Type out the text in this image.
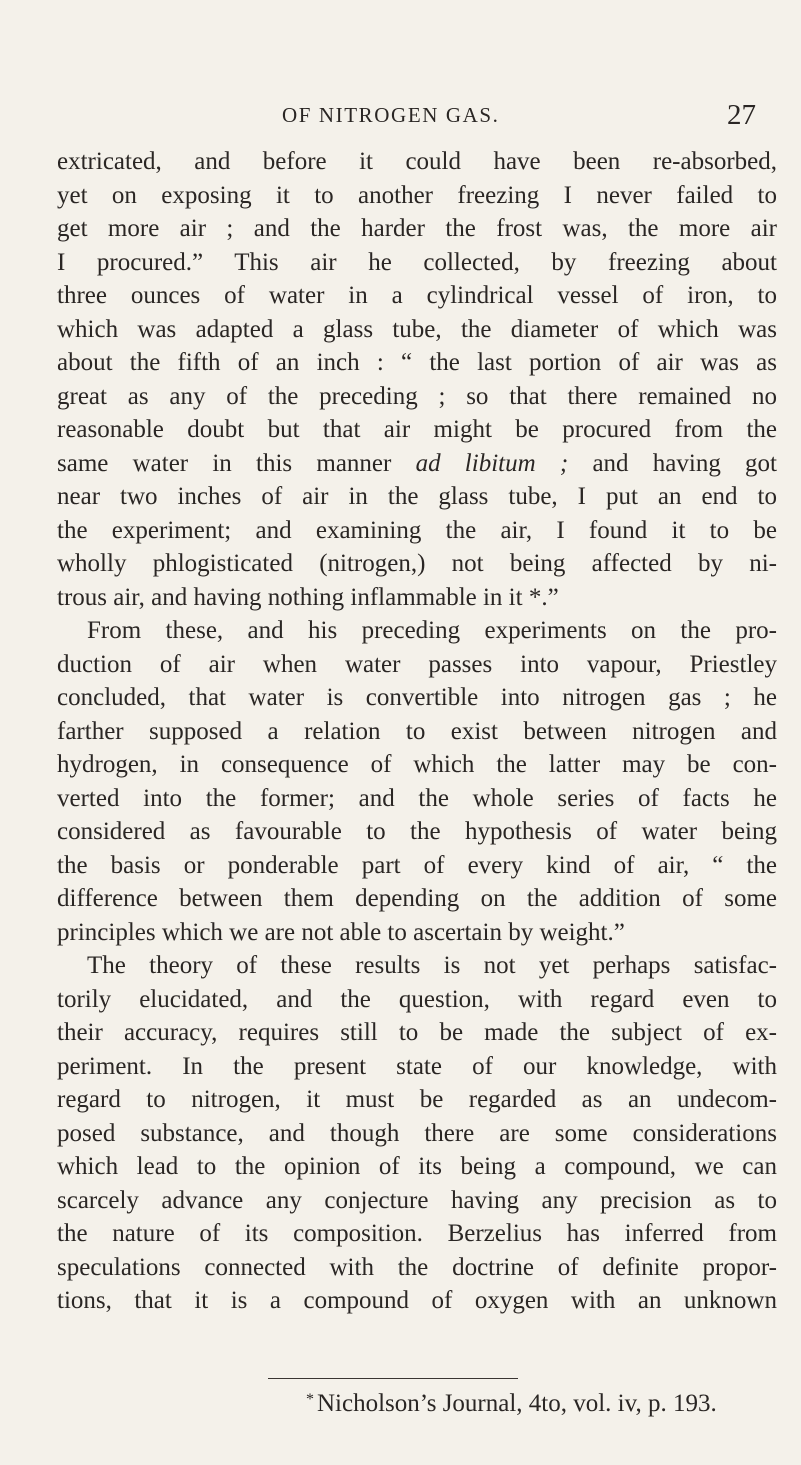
OF NITROGEN GAS.	27
extricated, and before it could have been re-absorbed,
yet on exposing it to another freezing I never failed to
get more air ; and the harder the frost was, the more air
I procured.” This air he collected, by freezing about
three ounces of water in a cylindrical vessel of iron, to
which was adapted a glass tube, the diameter of which was
about the fifth of an inch : “ the last portion of air was as
great as any of the preceding ; so that there remained no
reasonable doubt but that air might be procured from the
same water in this manner ad libitum ; and having got
near two inches of air in the glass tube, I put an end to
the experiment; and examining the air, I found it to be
wholly phlogisticated (nitrogen,) not being affected by ni-
trous air, and having nothing inflammable in it *.”
From these, and his preceding experiments on the pro-
duction of air when water passes into vapour, Priestley
concluded, that water is convertible into nitrogen gas ; he
farther supposed a relation to exist between nitrogen and
hydrogen, in consequence of which the latter may be con-
verted into the former; and the whole series of facts he
considered as favourable to the hypothesis of water being
the basis or ponderable part of every kind of air, “ the
difference between them depending on the addition of some
principles which we are not able to ascertain by weight.”
The theory of these results is not yet perhaps satisfac-
torily elucidated, and the question, with regard even to
their accuracy, requires still to be made the subject of ex-
periment. In the present state of our knowledge, with
regard to nitrogen, it must be regarded as an undecom-
posed substance, and though there are some considerations
which lead to the opinion of its being a compound, we can
scarcely advance any conjecture having any precision as to
the nature of its composition. Berzelius has inferred from
speculations connected with the doctrine of definite propor-
tions, that it is a compound of oxygen with an unknown
* Nicholson’s Journal, 4to, vol. iv, p. 193.
